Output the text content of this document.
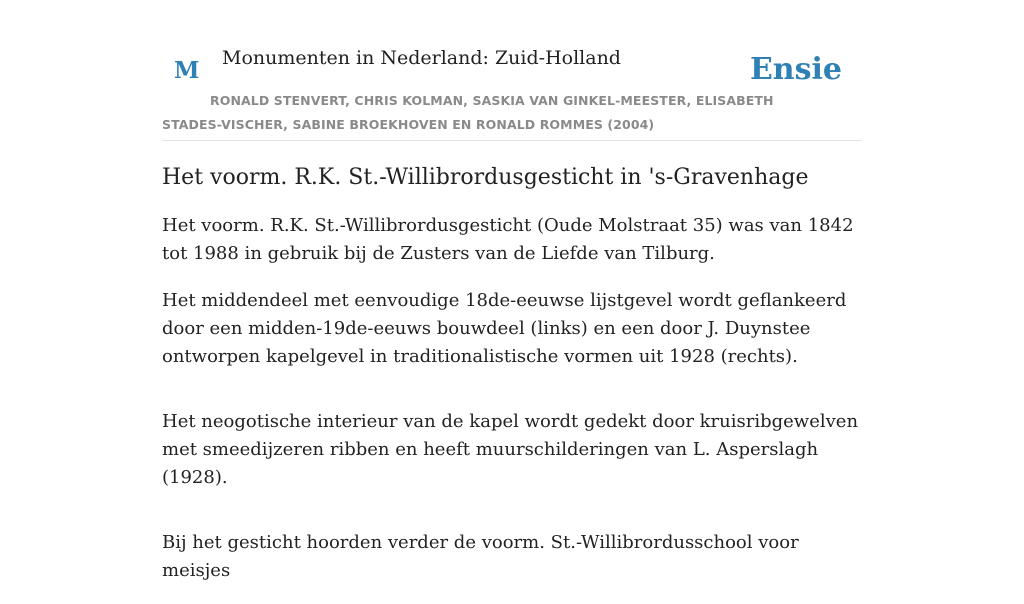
M Monumenten in Nederland: Zuid-Holland	Ensie
RONALD STENVERT, CHRIS KOLMAN, SASKIA VAN GINKEL-MEESTER, ELISABETH STADES-VISCHER, SABINE BROEKHOVEN EN RONALD ROMMES (2004)
Het voorm. R.K. St.-Willibrordusgesticht in 's-Gravenhage

Het voorm. R.K. St.-Willibrordusgesticht (Oude Molstraat 35) was van 1842 tot 1988 in gebruik bij de Zusters van de Liefde van Tilburg.

Het middendeel met eenvoudige 18de-eeuwse lijstgevel wordt geflankeerd door een midden-19de-eeuws bouwdeel (links) en een door J. Duynstee ontworpen kapelgevel in traditionalistische vormen uit 1928 (rechts).

Het neogotische interieur van de kapel wordt gedekt door kruisribgewelven met smeedijzeren ribben en heeft muurschilderingen van L. Asperslagh (1928).

Bij het gesticht hoorden verder de voorm. St.-Willibrordusschool voor meisjes
